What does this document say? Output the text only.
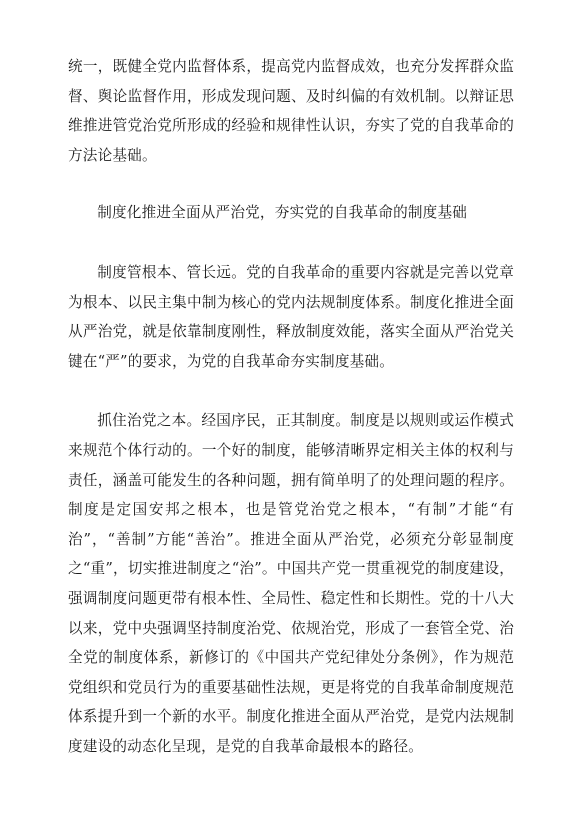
统一，既健全党内监督体系，提高党内监督成效，也充分发挥群众监督、舆论监督作用，形成发现问题、及时纠偏的有效机制。以辩证思维推进管党治党所形成的经验和规律性认识，夯实了党的自我革命的方法论基础。

制度化推进全面从严治党，夯实党的自我革命的制度基础

制度管根本、管长远。党的自我革命的重要内容就是完善以党章为根本、以民主集中制为核心的党内法规制度体系。制度化推进全面从严治党，就是依靠制度刚性，释放制度效能，落实全面从严治党关键在“严”的要求，为党的自我革命夯实制度基础。

抓住治党之本。经国序民，正其制度。制度是以规则或运作模式来规范个体行动的。一个好的制度，能够清晰界定相关主体的权利与责任，涵盖可能发生的各种问题，拥有简单明了的处理问题的程序。制度是定国安邦之根本，也是管党治党之根本，“有制”才能“有治”，“善制”方能“善治”。推进全面从严治党，必须充分彰显制度之“重”，切实推进制度之“治”。中国共产党一贯重视党的制度建设，强调制度问题更带有根本性、全局性、稳定性和长期性。党的十八大以来，党中央强调坚持制度治党、依规治党，形成了一套管全党、治全党的制度体系，新修订的《中国共产党纪律处分条例》，作为规范党组织和党员行为的重要基础性法规，更是将党的自我革命制度规范体系提升到一个新的水平。制度化推进全面从严治党，是党内法规制度建设的动态化呈现，是党的自我革命最根本的路径。
